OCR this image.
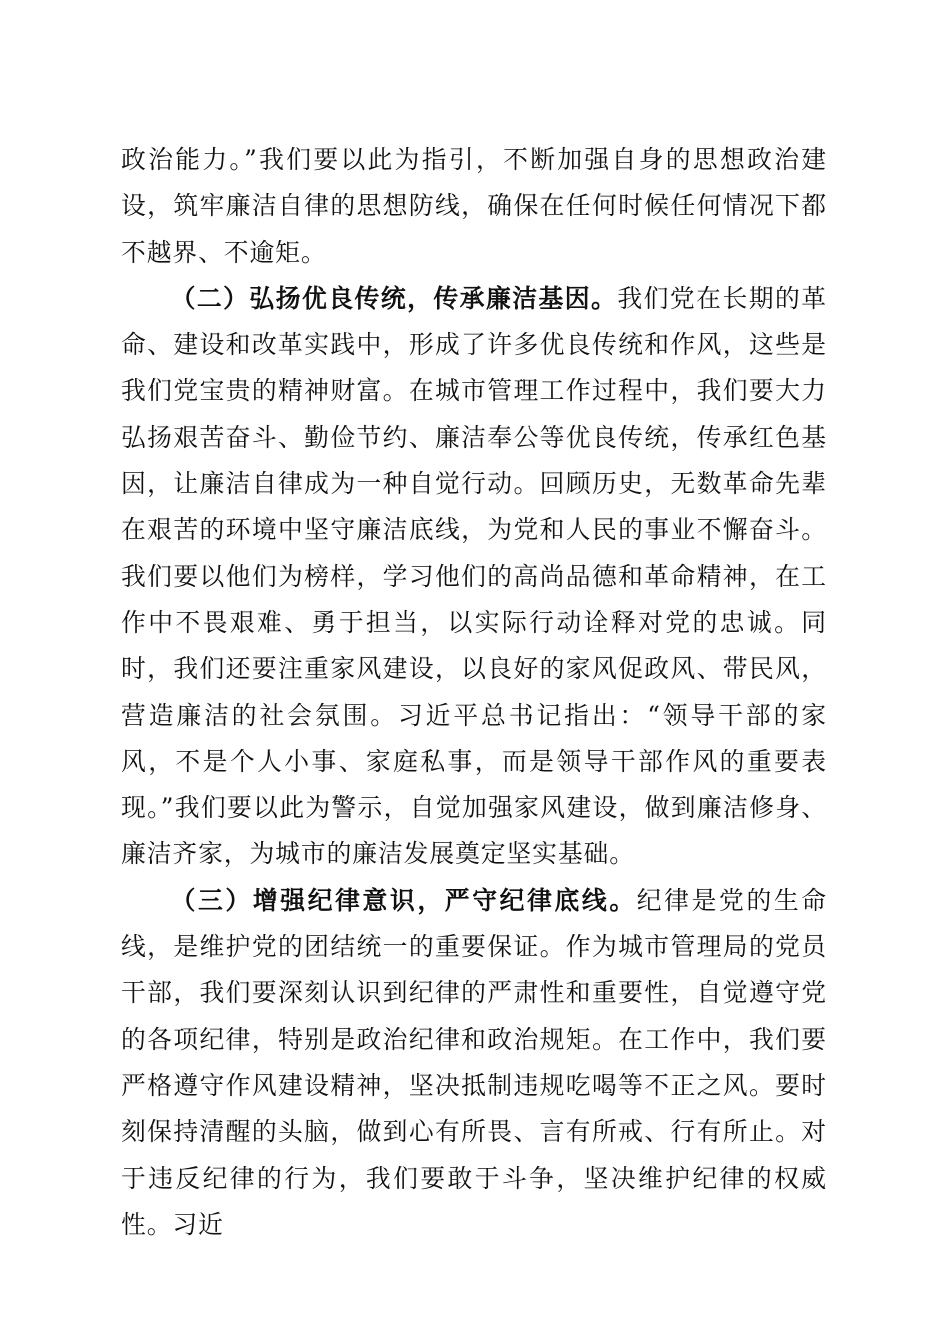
政治能力。”我们要以此为指引，不断加强自身的思想政治建设，筑牢廉洁自律的思想防线，确保在任何时候任何情况下都不越界、不逾矩。

（二）弘扬优良传统，传承廉洁基因。我们党在长期的革命、建设和改革实践中，形成了许多优良传统和作风，这些是我们党宝贵的精神财富。在城市管理工作过程中，我们要大力弘扬艰苦奋斗、勤俭节约、廉洁奉公等优良传统，传承红色基因，让廉洁自律成为一种自觉行动。回顾历史，无数革命先辈在艰苦的环境中坚守廉洁底线，为党和人民的事业不懈奋斗。我们要以他们为榜样，学习他们的高尚品德和革命精神，在工作中不畏艰难、勇于担当，以实际行动诠释对党的忠诚。同时，我们还要注重家风建设，以良好的家风促政风、带民风，营造廉洁的社会氛围。习近平总书记指出：“领导干部的家风，不是个人小事、家庭私事，而是领导干部作风的重要表现。”我们要以此为警示，自觉加强家风建设，做到廉洁修身、廉洁齐家，为城市的廉洁发展奠定坚实基础。

（三）增强纪律意识，严守纪律底线。纪律是党的生命线，是维护党的团结统一的重要保证。作为城市管理局的党员干部，我们要深刻认识到纪律的严肃性和重要性，自觉遵守党的各项纪律，特别是政治纪律和政治规矩。在工作中，我们要严格遵守作风建设精神，坚决抵制违规吃喝等不正之风。要时刻保持清醒的头脑，做到心有所畏、言有所戒、行有所止。对于违反纪律的行为，我们要敢于斗争，坚决维护纪律的权威性。习近
